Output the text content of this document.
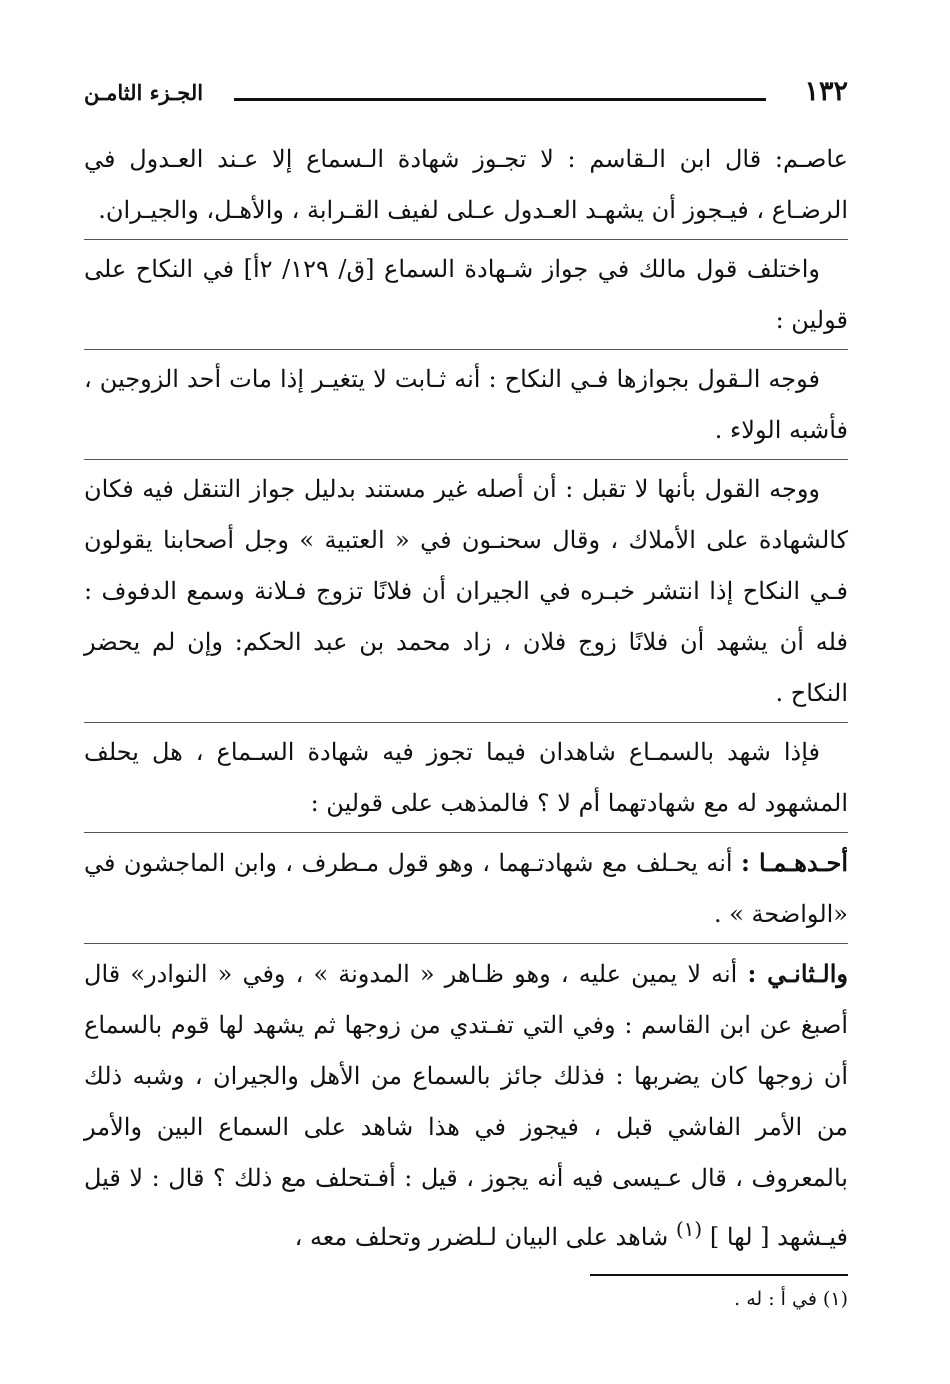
١٣٢
الجـزء الثامـن

عاصـم: قال ابن الـقاسم : لا تجـوز شهادة الـسماع إلا عـند العـدول في الرضـاع ، فيـجوز أن يشهـد العـدول عـلى لفيف القـرابة ، والأهـل، والجيـران.

واختلف قول مالك في جواز شـهادة السماع [ق/ ١٢٩/ ٢أ] في النكاح على قولين :

فوجه الـقول بجوازها فـي النكاح : أنه ثـابت لا يتغيـر إذا مات أحد الزوجين ، فأشبه الولاء .

ووجه القول بأنها لا تقبل : أن أصله غير مستند بدليل جواز التنقل فيه فكان كالشهادة على الأملاك ، وقال سحنـون في « العتبية » وجل أصحابنا يقولون فـي النكاح إذا انتشر خبـره في الجيران أن فلانًا تزوج فـلانة وسمع الدفوف : فله أن يشهد أن فلانًا زوج فلان ، زاد محمد بن عبد الحكم: وإن لم يحضر النكاح .

فإذا شهد بالسمـاع شاهدان فيما تجوز فيه شهادة السـماع ، هل يحلف المشهود له مع شهادتهما أم لا ؟ فالمذهب على قولين :

أحـدهـمـا : أنه يحـلف مع شهادتـهما ، وهو قول مـطرف ، وابن الماجشون في «الواضحة » .

والـثانـي : أنه لا يمين عليه ، وهو ظـاهر « المدونة » ، وفي « النوادر» قال أصبغ عن ابن القاسم : وفي التي تفـتدي من زوجها ثم يشهد لها قوم بالسماع أن زوجها كان يضربها : فذلك جائز بالسماع من الأهل والجيران ، وشبه ذلك من الأمر الفاشي قبل ، فيجوز في هذا شاهد على السماع البين والأمر بالمعروف ، قال عـيسى فيه أنه يجوز ، قيل : أفـتحلف مع ذلك ؟ قال : لا قيل فيـشهد [ لها ] $^{(١)}$ شاهد على البيان لـلضرر وتحلف معه ،

(١) في أ : له .
